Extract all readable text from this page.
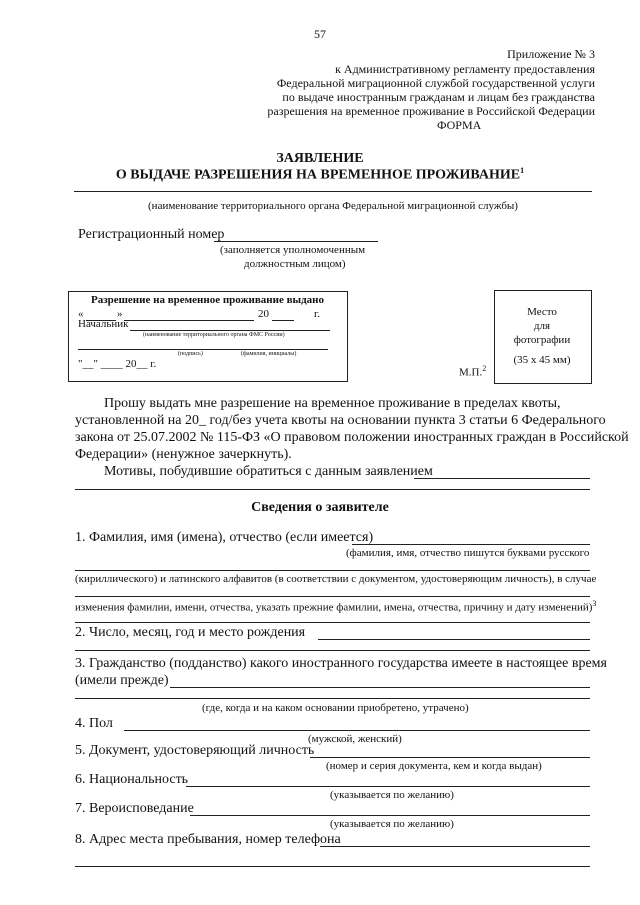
57
Приложение № 3
к Административному регламенту предоставления
Федеральной миграционной службой государственной услуги
по выдаче иностранным гражданам и лицам без гражданства
разрешения на временное проживание в Российской Федерации
ФОРМА
ЗАЯВЛЕНИЕ
О ВЫДАЧЕ РАЗРЕШЕНИЯ НА ВРЕМЕННОЕ ПРОЖИВАНИЕ$^1$
(наименование территориального органа Федеральной миграционной службы)
Регистрационный номер
(заполняется уполномоченным
должностным лицом)
Разрешение на временное проживание выдано
«	»	20	г.
Начальник
(наименование территориального органа ФМС России)
(подпись)	(фамилия, инициалы)
"__" ____ 20__ г.
М.П.$^2$
Место
для
фотографии
(35 x 45 мм)
Прошу выдать мне разрешение на временное проживание в пределах квоты,
установленной на 20_ год/без учета квоты на основании пункта 3 статьи 6 Федерального
закона от 25.07.2002 № 115-ФЗ «О правовом положении иностранных граждан в Российской
Федерации» (ненужное зачеркнуть).
Мотивы, побудившие обратиться с данным заявлением
Сведения о заявителе
1. Фамилия, имя (имена), отчество (если имеется)
(фамилия, имя, отчество пишутся буквами русского
(кириллического) и латинского алфавитов (в соответствии с документом, удостоверяющим личность), в случае
изменения фамилии, имени, отчества, указать прежние фамилии, имена, отчества, причину и дату изменений)$^3$
2. Число, месяц, год и место рождения
3. Гражданство (подданство) какого иностранного государства имеете в настоящее время
(имели прежде)
(где, когда и на каком основании приобретено, утрачено)
4. Пол
(мужской, женский)
5. Документ, удостоверяющий личность
(номер и серия документа, кем и когда выдан)
6. Национальность
(указывается по желанию)
7. Вероисповедание
(указывается по желанию)
8. Адрес места пребывания, номер телефона
